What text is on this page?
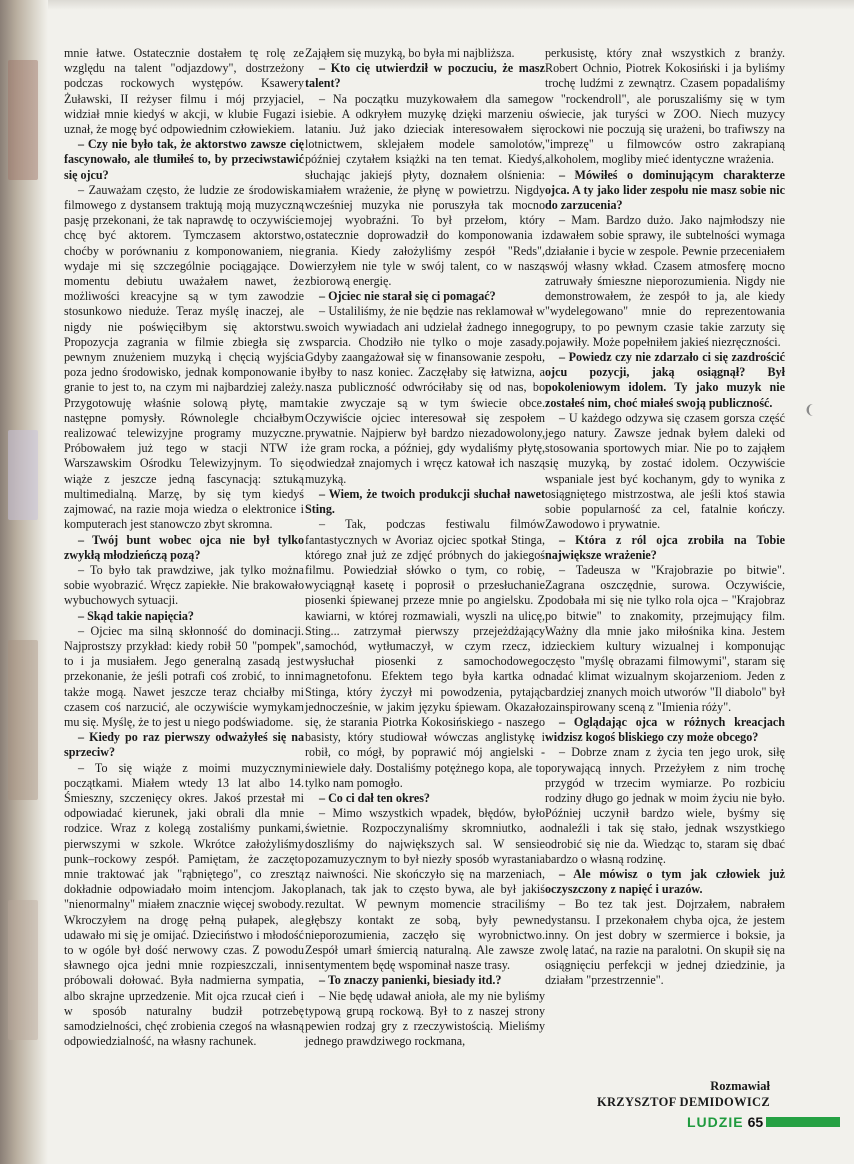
mnie łatwe. Ostatecznie dostałem tę rolę ze względu na talent "odjazdowy", dostrzeżony podczas rockowych występów. Ksawery Żuławski, II reżyser filmu i mój przyjaciel, widział mnie kiedyś w akcji, w klubie Fugazi i uznał, że mogę być odpowiednim człowiekiem.

– Czy nie było tak, że aktorstwo zawsze cię fascynowało, ale tłumiłeś to, by przeciwstawić się ojcu?

– Zauważam często, że ludzie ze środowiska filmowego z dystansem traktują moją muzyczną pasję przekonani, że tak naprawdę to oczywiście chcę być aktorem. Tymczasem aktorstwo, choćby w porównaniu z komponowaniem, nie wydaje mi się szczególnie pociągające. Do momentu debiutu uważałem nawet, że możliwości kreacyjne są w tym zawodzie stosunkowo nieduże. Teraz myślę inaczej, ale nigdy nie poświęciłbym się aktorstwu. Propozycja zagrania w filmie zbiegła się z pewnym znużeniem muzyką i chęcią wyjścia poza jedno środowisko, jednak komponowanie i granie to jest to, na czym mi najbardziej zależy. Przygotowuję właśnie solową płytę, mam następne pomysły. Równolegle chciałbym realizować telewizyjne programy muzyczne. Próbowałem już tego w stacji NTW i Warszawskim Ośrodku Telewizyjnym. To się wiąże z jeszcze jedną fascynacją: sztuką multimedialną. Marzę, by się tym kiedyś zajmować, na razie moja wiedza o elektronice i komputerach jest stanowczo zbyt skromna.

– Twój bunt wobec ojca nie był tylko zwykłą młodzieńczą pozą?

– To było tak prawdziwe, jak tylko można sobie wyobrazić. Wręcz zapiekłe. Nie brakowało wybuchowych sytuacji.

– Skąd takie napięcia?

– Ojciec ma silną skłonność do dominacji. Najprostszy przykład: kiedy robił 50 "pompek", to i ja musiałem. Jego generalną zasadą jest przekonanie, że jeśli potrafi coś zrobić, to inni także mogą. Nawet jeszcze teraz chciałby mi czasem coś narzucić, ale oczywiście wymykam mu się. Myślę, że to jest u niego podświadome.

– Kiedy po raz pierwszy odważyłeś się na sprzeciw?

– To się wiąże z moimi muzycznymi początkami. Miałem wtedy 13 lat albo 14. Śmieszny, szczenięcy okres. Jakoś przestał mi odpowiadać kierunek, jaki obrali dla mnie rodzice. Wraz z kolegą zostaliśmy punkami, pierwszymi w szkole. Wkrótce założyliśmy punk–rockowy zespół. Pamiętam, że zaczęto mnie traktować jak "rąbniętego", co zresztą dokładnie odpowiadało moim intencjom. Jako "nienormalny" miałem znacznie więcej swobody. Wkroczyłem na drogę pełną pułapek, ale udawało mi się je omijać. Dzieciństwo i młodość to w ogóle był dość nerwowy czas. Z powodu sławnego ojca jedni mnie rozpieszczali, inni próbowali dołować. Była nadmierna sympatia, albo skrajne uprzedzenie. Mit ojca rzucał cień i w sposób naturalny budził potrzebę samodzielności, chęć zrobienia czegoś na własną odpowiedzialność, na własny rachunek.

Zająłem się muzyką, bo była mi najbliższa.

– Kto cię utwierdził w poczuciu, że masz talent?

– Na początku muzykowałem dla samego siebie. A odkryłem muzykę dzięki marzeniu o lataniu. Już jako dzieciak interesowałem się lotnictwem, sklejałem modele samolotów, później czytałem książki na ten temat. Kiedyś, słuchając jakiejś płyty, doznałem olśnienia: miałem wrażenie, że płynę w powietrzu. Nigdy wcześniej muzyka nie poruszyła tak mocno mojej wyobraźni. To był przełom, który ostatecznie doprowadził do komponowania i grania. Kiedy założyliśmy zespół "Reds", wierzyłem nie tyle w swój talent, co w naszą zbiorową energię.

– Ojciec nie starał się ci pomagać?

– Ustaliliśmy, że nie będzie nas reklamował w swoich wywiadach ani udzielał żadnego innego wsparcia. Chodziło nie tylko o moje zasady. Gdyby zaangażował się w finansowanie zespołu, byłby to nasz koniec. Zaczęłaby się łatwizna, a nasza publiczność odwróciłaby się od nas, bo takie zwyczaje są w tym świecie obce. Oczywiście ojciec interesował się zespołem prywatnie. Najpierw był bardzo niezadowolony, że gram rocka, a później, gdy wydaliśmy płytę, odwiedzał znajomych i wręcz katował ich naszą muzyką.

– Wiem, że twoich produkcji słuchał nawet Sting.

– Tak, podczas festiwalu filmów fantastycznych w Avoriaz ojciec spotkał Stinga, którego znał już ze zdjęć próbnych do jakiegoś filmu. Powiedział słówko o tym, co robię, wyciągnął kasetę i poprosił o przesłuchanie piosenki śpiewanej przeze mnie po angielsku. Z kawiarni, w której rozmawiali, wyszli na ulicę, Sting... zatrzymał pierwszy przejeżdżający samochód, wytłumaczył, w czym rzecz, i wysłuchał piosenki z samochodowego magnetofonu. Efektem tego była kartka od Stinga, który życzył mi powodzenia, pytając jednocześnie, w jakim języku śpiewam. Okazało się, że starania Piotrka Kokosińskiego - naszego basisty, który studiował wówczas anglistykę i robił, co mógł, by poprawić mój angielski - niewiele dały. Dostaliśmy potężnego kopa, ale to tylko nam pomogło.

– Co ci dał ten okres?

– Mimo wszystkich wpadek, błędów, było świetnie. Rozpoczynaliśmy skromniutko, a doszliśmy do największych sal. W sensie pozamuzycznym to był niezły sposób wyrastania z naiwności. Nie skończyło się na marzeniach, planach, tak jak to często bywa, ale był jakiś rezultat. W pewnym momencie straciliśmy głębszy kontakt ze sobą, były pewne nieporozumienia, zaczęło się wyrobnictwo. Zespół umarł śmiercią naturalną. Ale zawsze z sentymentem będę wspominał nasze trasy.

– To znaczy panienki, biesiady itd.?

– Nie będę udawał anioła, ale my nie byliśmy typową grupą rockową. Był to z naszej strony pewien rodzaj gry z rzeczywistością. Mieliśmy jednego prawdziwego rockmana,

perkusistę, który znał wszystkich z branży. Robert Ochnio, Piotrek Kokosiński i ja byliśmy trochę ludźmi z zewnątrz. Czasem popadaliśmy w "rockendroll", ale poruszaliśmy się w tym świecie, jak turyści w ZOO. Niech muzycy rockowi nie poczują się urażeni, bo trafiwszy na "imprezę" u filmowców ostro zakrapianą alkoholem, mogliby mieć identyczne wrażenia.

– Mówiłeś o dominującym charakterze ojca. A ty jako lider zespołu nie masz sobie nic do zarzucenia?

– Mam. Bardzo dużo. Jako najmłodszy nie zdawałem sobie sprawy, ile subtelności wymaga działanie i bycie w zespole. Pewnie przeceniałem swój własny wkład. Czasem atmosferę mocno zatruwały śmieszne nieporozumienia. Nigdy nie demonstrowałem, że zespół to ja, ale kiedy "wydelegowano" mnie do reprezentowania grupy, to po pewnym czasie takie zarzuty się pojawiły. Może popełniłem jakieś niezręczności.

– Powiedz czy nie zdarzało ci się zazdrościć ojcu pozycji, jaką osiągnął? Był pokoleniowym idolem. Ty jako muzyk nie zostałeś nim, choć miałeś swoją publiczność.

– U każdego odzywa się czasem gorsza część jego natury. Zawsze jednak byłem daleki od stosowania sportowych miar. Nie po to zająłem się muzyką, by zostać idolem. Oczywiście wspaniale jest być kochanym, gdy to wynika z osiągniętego mistrzostwa, ale jeśli ktoś stawia sobie popularność za cel, fatalnie kończy. Zawodowo i prywatnie.

– Która z ról ojca zrobiła na Tobie największe wrażenie?

– Tadeusza w "Krajobrazie po bitwie". Zagrana oszczędnie, surowa. Oczywiście, podobała mi się nie tylko rola ojca – "Krajobraz po bitwie" to znakomity, przejmujący film. Ważny dla mnie jako miłośnika kina. Jestem dzieckiem kultury wizualnej i komponując często "myślę obrazami filmowymi", staram się nadać klimat wizualnym skojarzeniom. Jeden z bardziej znanych moich utworów "Il diabolo" był zainspirowany sceną z "Imienia róży".

– Oglądając ojca w różnych kreacjach widzisz kogoś bliskiego czy może obcego?

– Dobrze znam z życia ten jego urok, siłę porywającą innych. Przeżyłem z nim trochę przygód w trzecim wymiarze. Po rozbiciu rodziny długo go jednak w moim życiu nie było. Później uczynił bardzo wiele, byśmy się odnaleźli i tak się stało, jednak wszystkiego odrobić się nie da. Wiedząc to, staram się dbać bardzo o własną rodzinę.

– Ale mówisz o tym jak człowiek już oczyszczony z napięć i urazów.

– Bo tez tak jest. Dojrzałem, nabrałem dystansu. I przekonałem chyba ojca, że jestem inny. On jest dobry w szermierce i boksie, ja wolę latać, na razie na paralotni. On skupił się na osiągnięciu perfekcji w jednej dziedzinie, ja działam "przestrzennie".

Rozmawiał
KRZYSZTOF DEMIDOWICZ
LUDZIE 65
❨
